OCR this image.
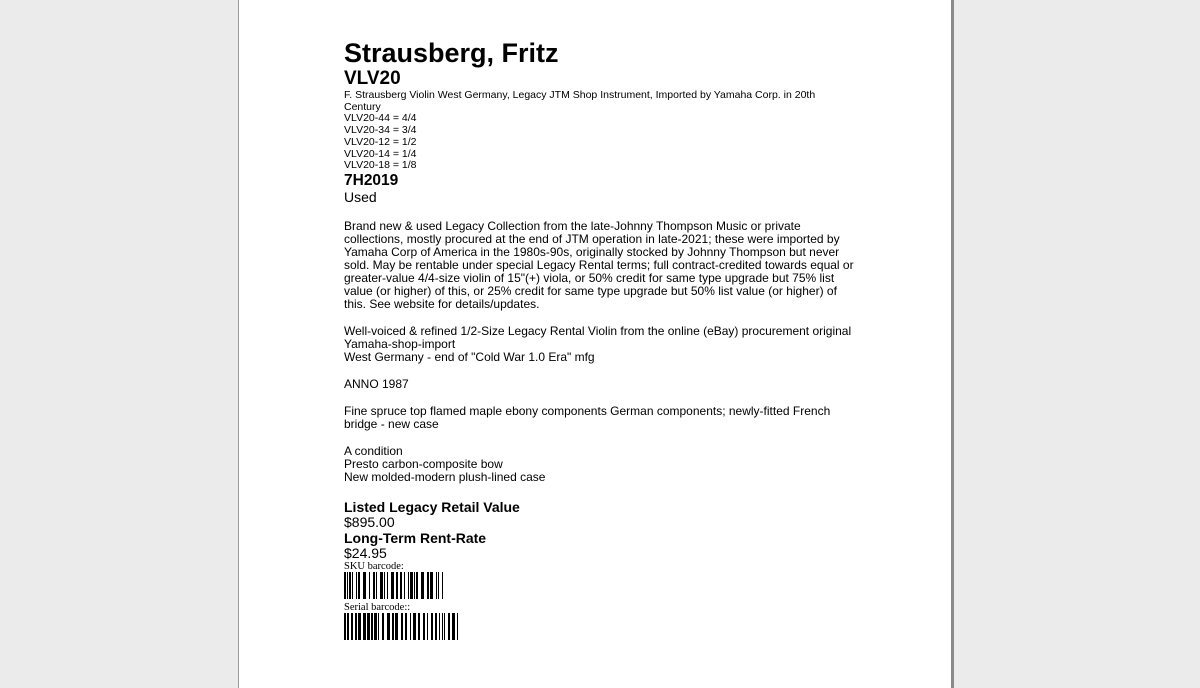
Strausberg, Fritz
VLV20
F. Strausberg Violin West Germany, Legacy JTM Shop Instrument, Imported by Yamaha Corp. in 20th Century
VLV20-44 = 4/4
VLV20-34 = 3/4
VLV20-12 = 1/2
VLV20-14 = 1/4
VLV20-18 = 1/8
7H2019
Used

Brand new & used Legacy Collection from the late-Johnny Thompson Music or private collections, mostly procured at the end of JTM operation in late-2021; these were imported by Yamaha Corp of America in the 1980s-90s, originally stocked by Johnny Thompson but never sold. May be rentable under special Legacy Rental terms; full contract-credited towards equal or greater-value 4/4-size violin of 15"(+) viola, or 50% credit for same type upgrade but 75% list value (or higher) of this, or 25% credit for same type upgrade but 50% list value (or higher) of this. See website for details/updates.

Well-voiced & refined 1/2-Size Legacy Rental Violin from the online (eBay) procurement original Yamaha-shop-import
West Germany - end of "Cold War 1.0 Era" mfg

ANNO 1987

Fine spruce top flamed maple ebony components German components; newly-fitted French bridge - new case

A condition
Presto carbon-composite bow
New molded-modern plush-lined case
Listed Legacy Retail Value
$895.00
Long-Term Rent-Rate
$24.95
SKU barcode:
Serial barcode::
